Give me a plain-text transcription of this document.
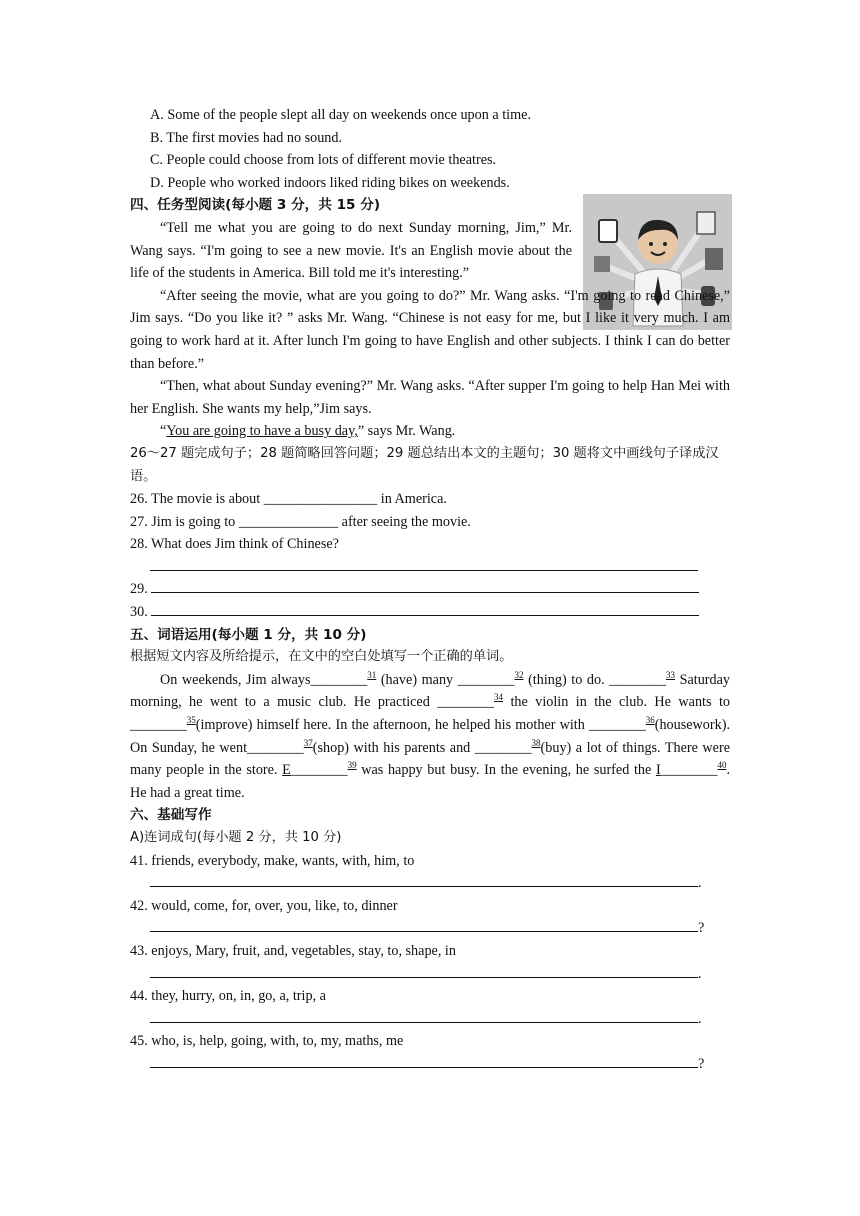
A. Some of the people slept all day on weekends once upon a time.
B. The first movies had no sound.
C. People could choose from lots of different movie theatres.
D. People who worked indoors liked riding bikes on weekends.
四、任务型阅读(每小题 3 分，共 15 分)
“Tell me what you are going to do next Sunday morning, Jim,” Mr. Wang says. “I'm going to see a new movie. It's an English movie about the life of the students in America. Bill told me it's interesting.”
“After seeing the movie, what are you going to do?” Mr. Wang asks. “I'm going to read Chinese,” Jim says. “Do you like it? ” asks Mr. Wang. “Chinese is not easy for me, but I like it very much. I am going to work hard at it. After lunch I'm going to have English and other subjects. I think I can do better than before.”
“Then, what about Sunday evening?” Mr. Wang asks. “After supper I'm going to help Han Mei with her English. She wants my help,”Jim says.
“You are going to have a busy day,” says Mr. Wang.
26～27 题完成句子；28 题简略回答问题；29 题总结出本文的主题句；30 题将文中画线句子译成汉语。
26. The movie is about ________________ in America.
27. Jim is going to ______________ after seeing the movie.
28. What does Jim think of Chinese?
29.
30.
五、词语运用(每小题 1 分，共 10 分)
根据短文内容及所给提示，在文中的空白处填写一个正确的单词。
On weekends, Jim always________$^{31}$ (have) many ________$^{32}$ (thing) to do. ________$^{33}$ Saturday morning, he went to a music club. He practiced ________$^{34}$ the violin in the club. He wants to ________$^{35}$(improve) himself here. In the afternoon, he helped his mother with ________$^{36}$(housework). On Sunday, he went________$^{37}$(shop) with his parents and ________$^{38}$(buy) a lot of things. There were many people in the store. E________$^{39}$ was happy but busy. In the evening, he surfed the I________$^{40}$. He had a great time.
六、基础写作
A)连词成句(每小题 2 分，共 10 分)
41. friends, everybody, make, wants, with, him, to
.
42. would, come, for, over, you, like, to, dinner
?
43. enjoys, Mary, fruit, and, vegetables, stay, to, shape, in
.
44. they, hurry, on, in, go, a, trip, a
.
45. who, is, help, going, with, to, my, maths, me
?
